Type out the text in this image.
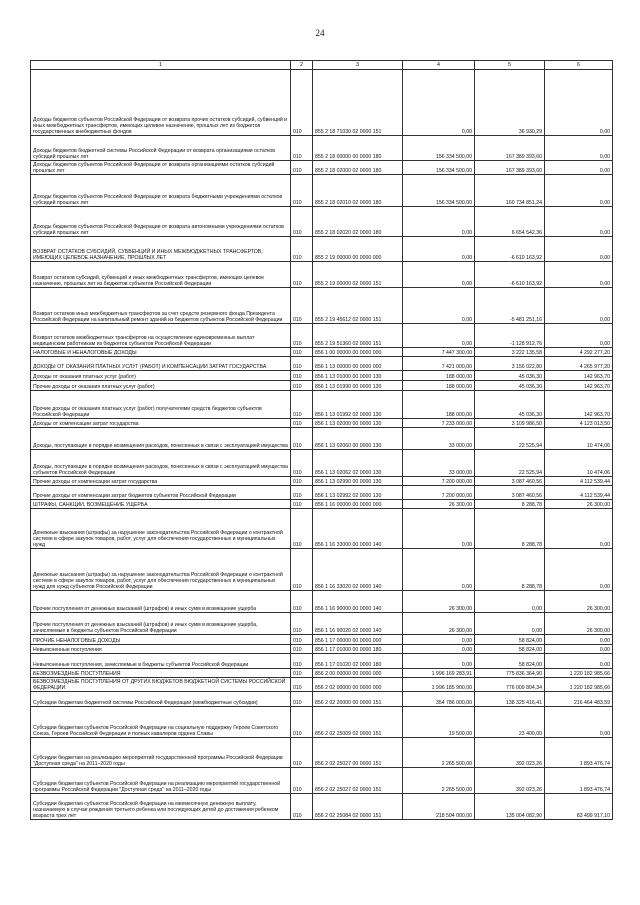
24
1	2	3	4	5	6
Доходы бюджетов субъектов Российской Федерации от возврата прочих остатков субсидий, субвенций и иных межбюджетных трансфертов, имеющих целевое назначение, прошлых лет из бюджетов государственных внебюджетных фондов	010	855 2 18 71030 02 0000 151	0,00	36 930,29	0,00
Доходы бюджетов бюджетной системы Российской Федерации от возврата организациями остатков субсидий прошлых лет	010	855 2 18 00000 00 0000 180	156 334 500,00	167 389 393,60	0,00
Доходы бюджетов субъектов Российской Федерации от возврата организациями остатков субсидий прошлых лет	010	855 2 18 02000 02 0000 180	156 334 500,00	167 389 393,60	0,00
Доходы бюджетов субъектов Российской Федерации от возврата бюджетными учреждениями остатков субсидий прошлых лет	010	855 2 18 02010 02 0000 180	156 334 500,00	160 734 851,24	0,00
Доходы бюджетов субъектов Российской Федерации от возврата автономными учреждениями остатков субсидий прошлых лет	010	855 2 18 02020 02 0000 180	0,00	6 654 542,36	0,00
ВОЗВРАТ ОСТАТКОВ СУБСИДИЙ, СУБВЕНЦИЙ И ИНЫХ МЕЖБЮДЖЕТНЫХ ТРАНСФЕРТОВ, ИМЕЮЩИХ ЦЕЛЕВОЕ НАЗНАЧЕНИЕ, ПРОШЛЫХ ЛЕТ	010	855 2 19 00000 00 0000 000	0,00	-6 610 163,92	0,00
Возврат остатков субсидий, субвенций и иных межбюджетных трансфертов, имеющих целевое назначение, прошлых лет из бюджетов субъектов Российской Федерации	010	855 2 19 00000 02 0000 151	0,00	-6 610 163,92	0,00
Возврат остатков иных межбюджетных трансфертов за счет средств резервного фонда Президента Российской Федерации на капитальный ремонт зданий из бюджетов субъектов Российской Федерации	010	855 2 19 45612 02 0000 151	0,00	-5 481 251,16	0,00
Возврат остатков межбюджетных трансфертов на осуществление единовременных выплат медицинским работникам из бюджетов субъектов Российской Федерации	010	855 2 19 51360 02 0000 151	0,00	-1 128 912,76	0,00
НАЛОГОВЫЕ И НЕНАЛОГОВЫЕ ДОХОДЫ	010	856 1 00 00000 00 0000 000	7 447 300,00	3 222 135,58	4 292 277,20
ДОХОДЫ ОТ ОКАЗАНИЯ ПЛАТНЫХ УСЛУГ (РАБОТ) И КОМПЕНСАЦИИ ЗАТРАТ ГОСУДАРСТВА	010	856 1 13 00000 00 0000 000	7 421 000,00	3 156 022,80	4 265 977,20
Доходы от оказания платных услуг (работ)	010	856 1 13 01000 00 0000 130	188 000,00	45 036,30	142 963,70
Прочие доходы от оказания платных услуг (работ)	010	856 1 13 01990 00 0000 130	188 000,00	45 036,30	142 963,70
Прочие доходы от оказания платных услуг (работ) получателями средств бюджетов субъектов Российской Федерации	010	856 1 13 01992 02 0000 130	188 000,00	45 036,30	142 963,70
Доходы от компенсации затрат государства	010	856 1 13 02000 00 0000 130	7 233 000,00	3 109 986,50	4 123 013,50
Доходы, поступающие в порядке возмещения расходов, понесенных в связи с эксплуатацией имущества	010	856 1 13 02060 00 0000 130	33 000,00	22 525,94	10 474,06
Доходы, поступающие в порядке возмещения расходов, понесенных в связи с эксплуатацией имущества субъектов Российской Федерации	010	856 1 13 02062 02 0000 130	33 000,00	22 525,94	10 474,06
Прочие доходы от компенсации затрат государства	010	856 1 13 02990 00 0000 130	7 200 000,00	3 087 460,56	4 112 539,44
Прочие доходы от компенсации затрат бюджетов субъектов Российской Федерации	010	856 1 13 02992 02 0000 130	7 200 000,00	3 087 460,56	4 112 539,44
ШТРАФЫ, САНКЦИИ, ВОЗМЕЩЕНИЕ УЩЕРБА	010	856 1 16 00000 00 0000 000	26 300,00	8 288,78	26 300,00
Денежные взыскания (штрафы) за нарушение законодательства Российской Федерации о контрактной системе в сфере закупок товаров, работ, услуг для обеспечения государственных и муниципальных нужд	010	856 1 16 33000 00 0000 140	0,00	8 288,78	0,00
Денежные взыскания (штрафы) за нарушение законодательства Российской Федерации о контрактной системе в сфере закупок товаров, работ, услуг для обеспечения государственных и муниципальных нужд для нужд субъектов Российской Федерации	010	856 1 16 33020 02 0000 140	0,00	8 288,78	0,00
Прочие поступления от денежных взысканий (штрафов) и иных сумм в возмещение ущерба	010	856 1 16 90000 00 0000 140	26 300,00	0,00	26 300,00
Прочие поступления от денежных взысканий (штрафов) и иных сумм в возмещение ущерба, зачисляемые в бюджеты субъектов Российской Федерации	010	856 1 16 90020 02 0000 140	26 300,00	0,00	26 300,00
ПРОЧИЕ НЕНАЛОГОВЫЕ ДОХОДЫ	010	856 1 17 00000 00 0000 000	0,00	58 824,00	0,00
Невыясненные поступления	010	856 1 17 01000 00 0000 180	0,00	58 824,00	0,00
Невыясненные поступления, зачисляемые в бюджеты субъектов Российской Федерации	010	856 1 17 01020 02 0000 180	0,00	58 824,00	0,00
БЕЗВОЗМЕЗДНЫЕ ПОСТУПЛЕНИЯ	010	856 2 00 00000 00 0000 000	1 996 169 283,91	775 836 364,90	1 220 182 985,66
БЕЗВОЗМЕЗДНЫЕ ПОСТУПЛЕНИЯ ОТ ДРУГИХ БЮДЖЕТОВ БЮДЖЕТНОЙ СИСТЕМЫ РОССИЙСКОЙ ФЕДЕРАЦИИ	010	856 2 02 00000 00 0000 000	1 996 185 900,00	776 009 804,34	1 220 182 985,66
Субсидии бюджетам бюджетной системы Российской Федерации (межбюджетные субсидии)	010	856 2 02 20000 00 0000 151	354 786 000,00	138 325 416,41	216 464 483,59
Субсидии бюджетам субъектов Российской Федерации на социальную поддержку Героев Советского Союза, Героев Российской Федерации и полных кавалеров ордена Славы	010	856 2 02 25009 02 0000 151	19 500,00	23 400,00	0,00
Субсидии бюджетам на реализацию мероприятий государственной программы Российской Федерации "Доступная среда" на 2011–2020 годы	010	856 2 02 25027 00 0000 151	2 265 500,00	392 023,26	1 893 476,74
Субсидии бюджетам субъектов Российской Федерации на реализацию мероприятий государственной программы Российской Федерации "Доступная среда" на 2011–2020 годы	010	856 2 02 25027 02 0000 151	2 265 500,00	392 023,26	1 893 476,74
Субсидии бюджетам субъектов Российской Федерации на ежемесячную денежную выплату, назначаемую в случае рождения третьего ребенка или последующих детей до достижения ребенком возраста трех лет	010	856 2 02 25084 02 0000 151	218 504 000,00	135 004 082,90	83 499 917,10
